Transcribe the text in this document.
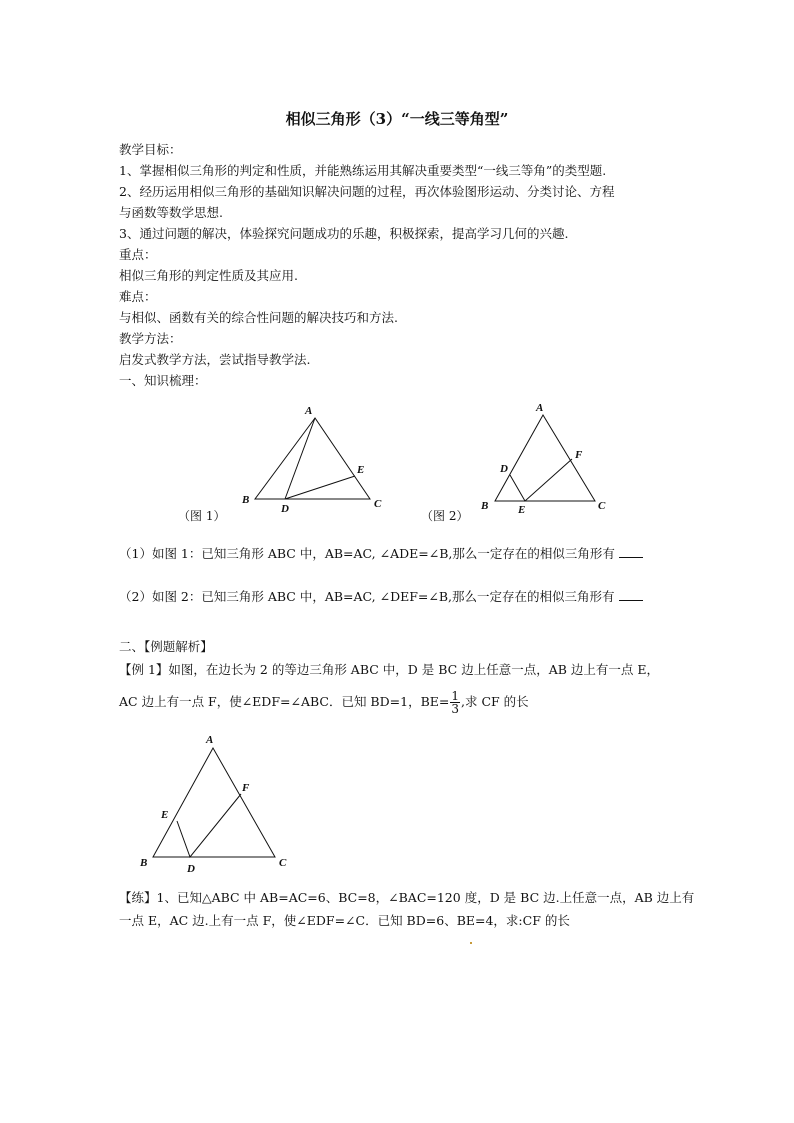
相似三角形（3）“一线三等角型”
教学目标：
1、掌握相似三角形的判定和性质，并能熟练运用其解决重要类型“一线三等角”的类型题.
2、经历运用相似三角形的基础知识解决问题的过程，再次体验图形运动、分类讨论、方程
与函数等数学思想.
3、通过问题的解决，体验探究问题成功的乐趣，积极探索，提高学习几何的兴趣.
重点：
相似三角形的判定性质及其应用.
难点：
与相似、函数有关的综合性问题的解决技巧和方法.
教学方法：
启发式教学方法，尝试指导教学法.
一、知识梳理：
A
B	C
D
E
A
B	C
D
E
F
A
B	C
D
E
F
（图 1）	（图 2）
（1）如图 1：已知三角形 ABC 中，AB=AC, ∠ADE=∠B,那么一定存在的相似三角形有
（2）如图 2：已知三角形 ABC 中，AB=AC, ∠DEF=∠B,那么一定存在的相似三角形有
二、【例题解析】
【例 1】如图，在边长为 2 的等边三角形 ABC 中，D 是 BC 边上任意一点，AB 边上有一点 E，
AC 边上有一点 F，使∠EDF=∠ABC．已知 BD=1，$BE= \frac{1}{3}$ ,求 CF 的长
【练】1、已知△ABC 中 AB=AC=6、BC=8，∠BAC=120 度，D 是 BC 边.上任意一点，AB 边上有
一点 E，AC 边.上有一点 F，使∠EDF=∠C．已知 BD=6、BE=4，求:CF 的长
